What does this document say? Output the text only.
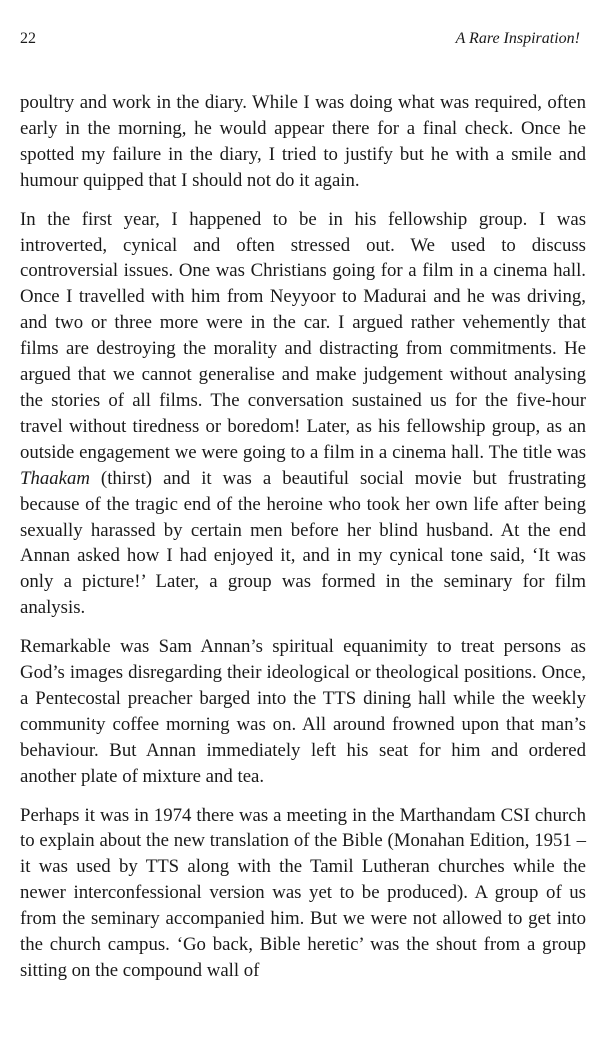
22	A Rare Inspiration!

poultry and work in the diary. While I was doing what was required, often early in the morning, he would appear there for a final check. Once he spotted my failure in the diary, I tried to justify but he with a smile and humour quipped that I should not do it again.

In the first year, I happened to be in his fellowship group. I was introverted, cynical and often stressed out. We used to discuss controversial issues. One was Christians going for a film in a cinema hall. Once I travelled with him from Neyyoor to Madurai and he was driving, and two or three more were in the car. I argued rather vehemently that films are destroying the morality and distracting from commitments. He argued that we cannot generalise and make judgement without analysing the stories of all films. The conversation sustained us for the five-hour travel without tiredness or boredom! Later, as his fellowship group, as an outside engagement we were going to a film in a cinema hall. The title was Thaakam (thirst) and it was a beautiful social movie but frustrating because of the tragic end of the heroine who took her own life after being sexually harassed by certain men before her blind husband. At the end Annan asked how I had enjoyed it, and in my cynical tone said, ‘It was only a picture!’ Later, a group was formed in the seminary for film analysis.

Remarkable was Sam Annan’s spiritual equanimity to treat persons as God’s images disregarding their ideological or theological positions. Once, a Pentecostal preacher barged into the TTS dining hall while the weekly community coffee morning was on. All around frowned upon that man’s behaviour. But Annan immediately left his seat for him and ordered another plate of mixture and tea.

Perhaps it was in 1974 there was a meeting in the Marthandam CSI church to explain about the new translation of the Bible (Monahan Edition, 1951 – it was used by TTS along with the Tamil Lutheran churches while the newer interconfessional version was yet to be produced). A group of us from the seminary accompanied him. But we were not allowed to get into the church campus. ‘Go back, Bible heretic’ was the shout from a group sitting on the compound wall of
